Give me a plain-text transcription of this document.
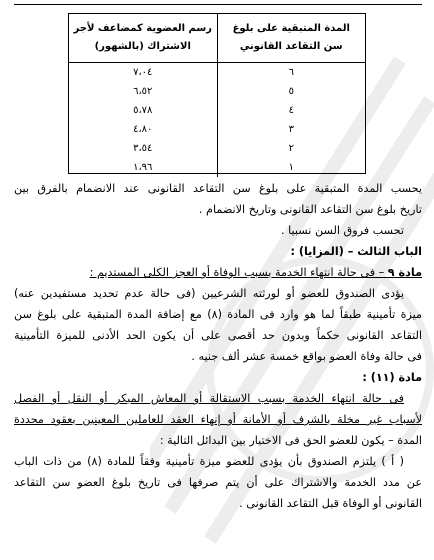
المدة المتبقية على بلوغ سن التقاعد القانوني	رسم العضوية كمضاعف لأجر الاشتراك (بالشهور)
٦	٧،٠٤
٥	٦،٥٢
٤	٥،٧٨
٣	٤،٨٠
٢	٣،٥٤
١	١،٩٦
يحسب المدة المتبقية على بلوغ سن التقاعد القانونى عند الانضمام بالفرق بين
تاريخ بلوغ سن التقاعد القانونى وتاريخ الانضمام .
تحسب فروق السن نسبيا .
الباب الثالث – (المزايا) :
مادة ٩ – فى حالة انتهاء الخدمة بسبب الوفاة أو العجز الكلى المستديم :
يؤدى الصندوق للعضو أو لورثته الشرعيين (فى حالة عدم تحديد مستفيدين عنه)
ميزة تأمينية طبقاً لما هو وارد فى المادة (٨) مع إضافة المدة المتبقية على بلوغ سن
التقاعد القانونى حكماً وبدون حد أقصى على أن يكون الحد الأدنى للميزة التأمينية
فى حالة وفاة العضو بواقع خمسة عشر ألف جنيه .
مادة (١١) :
فى حالة انتهاء الخدمة بسبب الاستقالة أو المعاش المبكر أو النقل أو الفصل
لأسباب غير مخلة بالشرف أو الأمانة أو إنهاء العقد للعاملين المعينين بعقود محددة
المدة – يكون للعضو الحق فى الاختيار بين البدائل التالية :
( أ ) يلتزم الصندوق بأن يؤدى للعضو ميزة تأمينية وفقاً للمادة (٨) من ذات الباب
عن مدد الخدمة والاشتراك على أن يتم صرفها فى تاريخ بلوغ العضو سن التقاعد
القانونى أو الوفاة قبل التقاعد القانونى .
